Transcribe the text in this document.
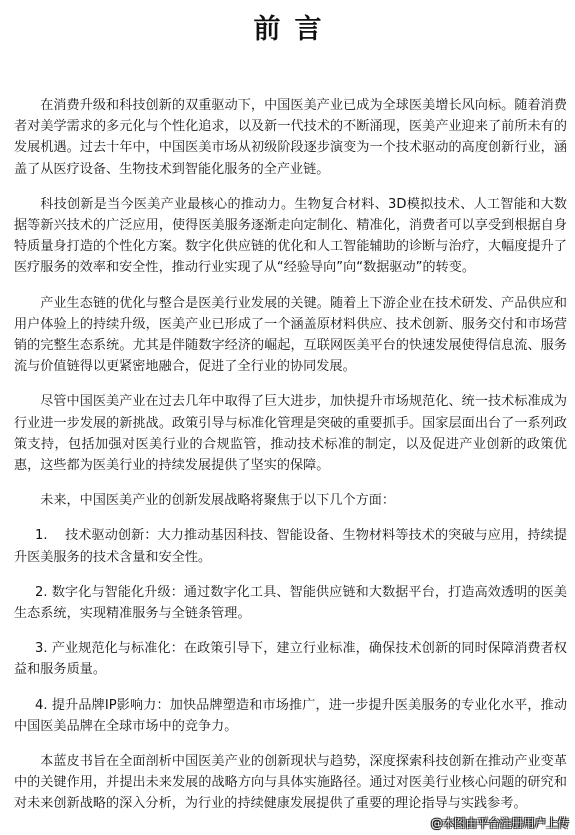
前言

在消费升级和科技创新的双重驱动下，中国医美产业已成为全球医美增长风向标。随着消费者对美学需求的多元化与个性化追求，以及新一代技术的不断涌现，医美产业迎来了前所未有的发展机遇。过去十年中，中国医美市场从初级阶段逐步演变为一个技术驱动的高度创新行业，涵盖了从医疗设备、生物技术到智能化服务的全产业链。

科技创新是当今医美产业最核心的推动力。生物复合材料、3D模拟技术、人工智能和大数据等新兴技术的广泛应用，使得医美服务逐渐走向定制化、精准化，消费者可以享受到根据自身特质量身打造的个性化方案。数字化供应链的优化和人工智能辅助的诊断与治疗，大幅度提升了医疗服务的效率和安全性，推动行业实现了从“经验导向”向“数据驱动”的转变。

产业生态链的优化与整合是医美行业发展的关键。随着上下游企业在技术研发、产品供应和用户体验上的持续升级，医美产业已形成了一个涵盖原材料供应、技术创新、服务交付和市场营销的完整生态系统。尤其是伴随数字经济的崛起，互联网医美平台的快速发展使得信息流、服务流与价值链得以更紧密地融合，促进了全行业的协同发展。

尽管中国医美产业在过去几年中取得了巨大进步，加快提升市场规范化、统一技术标准成为行业进一步发展的新挑战。政策引导与标准化管理是突破的重要抓手。国家层面出台了一系列政策支持，包括加强对医美行业的合规监管，推动技术标准的制定，以及促进产业创新的政策优惠，这些都为医美行业的持续发展提供了坚实的保障。

未来，中国医美产业的创新发展战略将聚焦于以下几个方面：

1.　 技术驱动创新：大力推动基因科技、智能设备、生物材料等技术的突破与应用，持续提升医美服务的技术含量和安全性。

2. 数字化与智能化升级：通过数字化工具、智能供应链和大数据平台，打造高效透明的医美生态系统，实现精准服务与全链条管理。

3. 产业规范化与标准化：在政策引导下，建立行业标准，确保技术创新的同时保障消费者权益和服务质量。

4. 提升品牌IP影响力：加快品牌塑造和市场推广，进一步提升医美服务的专业化水平，推动中国医美品牌在全球市场中的竞争力。

本蓝皮书旨在全面剖析中国医美产业的创新现状与趋势，深度探索科技创新在推动产业变革中的关键作用，并提出未来发展的战略方向与具体实施路径。通过对医美行业核心问题的研究和对未来创新战略的深入分析，为行业的持续健康发展提供了重要的理论指导与实践参考。

@本图由平台注册用户上传
